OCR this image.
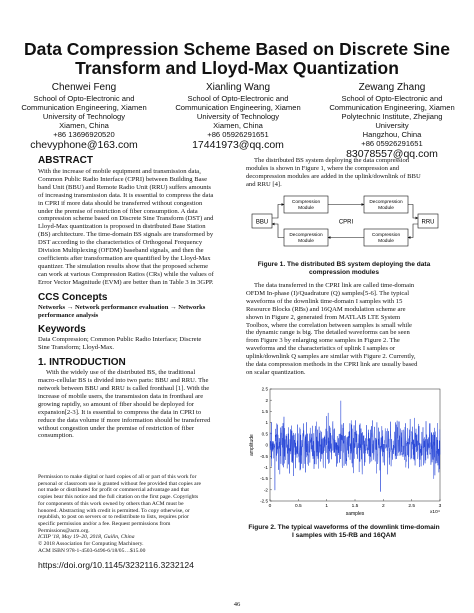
Data Compression Scheme Based on Discrete Sine
Transform and Lloyd-Max Quantization
Chenwei Feng
School of Opto-Electronic and
Communication Engineering, Xiamen
University of Technology
Xiamen, China
+86 13696920520
chevyphone@163.com
Xianling Wang
School of Opto-Electronic and
Communication Engineering, Xiamen
University of Technology
Xiamen, China
+86 05926291651
17441973@qq.com
Zewang Zhang
School of Opto-Electronic and
Communication Engineering, Xiamen
Polytechnic Institute, Zhejiang
University
Hangzhou, China
+86 05926291651
83078557@qq.com
ABSTRACT
With the increase of mobile equipment and transmission data,
Common Public Radio Interface (CPRI) between Building Base
band Unit (BBU) and Remote Radio Unit (RRU) suffers amounts
of increasing transmission data. It is essential to compress the data
in CPRI if more data should be transferred without congestion
under the premise of restriction of fiber consumption. A data
compression scheme based on Discrete Sine Transform (DST) and
Lloyd-Max quantization is proposed in distributed Base Station
(BS) architecture. The time-domain BS signals are transformed by
DST according to the characteristics of Orthogonal Frequency
Division Multiplexing (OFDM) baseband signals, and then the
coefficients after transformation are quantified by the Lloyd-Max
quantizer. The simulation results show that the proposed scheme
can work at various Compression Ratios (CRs) while the values of
Error Vector Magnitude (EVM) are better than in Table 3 in 3GPP.
CCS Concepts
Networks → Network performance evaluation → Networks
performance analysis
Keywords
Data Compression; Common Public Radio Interface; Discrete
Sine Transform; Lloyd-Max.
1. INTRODUCTION
With the widely use of the distributed BS, the traditional
macro-cellular BS is divided into two parts: BBU and RRU. The
network between BBU and RRU is called fronthaul [1]. With the
increase of mobile users, the transmission data in fronthaul are
growing rapidly, so amount of fiber should be deployed for
expansion[2-3]. It is essential to compress the data in CPRI to
reduce the data volume if more information should be transferred
without congestion under the premise of restriction of fiber
consumption.
Permission to make digital or hard copies of all or part of this work for
personal or classroom use is granted without fee provided that copies are
not made or distributed for profit or commercial advantage and that
copies bear this notice and the full citation on the first page. Copyrights
for components of this work owned by others than ACM must be
honored. Abstracting with credit is permitted. To copy otherwise, or
republish, to post on servers or to redistribute to lists, requires prior
specific permission and/or a fee. Request permissions from
Permissions@acm.org.
ICIIP '18, May 19–20, 2018, Guilin, China
© 2018 Association for Computing Machinery.
ACM ISBN 978-1-4503-6496-6/18/05…$15.00
https://doi.org/10.1145/3232116.3232124
The distributed BS system deploying the data compression
modules is shown in Figure 1, where the compression and
decompression modules are added in the uplink/downlink of BBU
and RRU [4].
BBU
Compression
Module
Decompression
Module
CPRI
Decompression
Module
Compression
Module
RRU
Figure 1. The distributed BS system deploying the data
compression modules
The data transferred in the CPRI link are called time-domain
OFDM In-phase (I)/Quadrature (Q) samples[5-6]. The typical
waveforms of the downlink time-domain I samples with 15
Resource Blocks (RBs) and 16QAM modulation scheme are
shown in Figure 2, generated from MATLAB LTE System
Toolbox, where the correlation between samples is small while
the dynamic range is big. The detailed waveforms can be seen
from Figure 3 by enlarging some samples in Figure 2. The
waveforms and the characteristics of uplink I samples or
uplink/downlink Q samples are similar with Figure 2. Currently,
the data compression methods in the CPRI link are usually based
on scalar quantization.
0	0.5	1	1.5	2	2.5	3
-2.5
-2
-1.5
-1
-0.5
0
0.5
1
1.5
2
2.5
amplitude
samples	x10⁴
Figure 2. The typical waveforms of the downlink time-domain
I samples with 15-RB and 16QAM
46
